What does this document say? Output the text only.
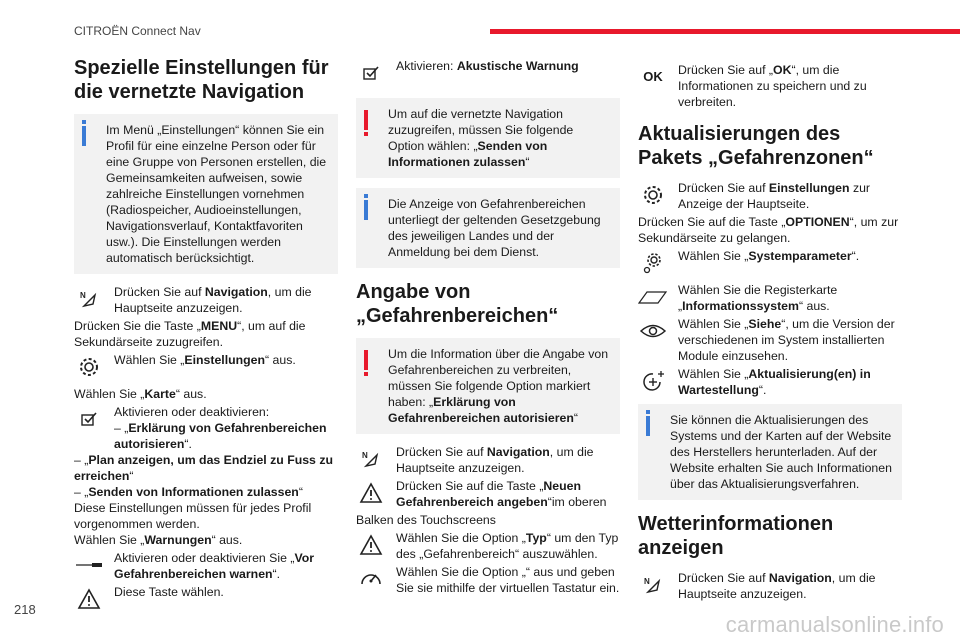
CITROËN Connect Nav
Spezielle Einstellungen für die vernetzte Navigation

Im Menü „Einstellungen“ können Sie ein Profil für eine einzelne Person oder für eine Gruppe von Personen erstellen, die Gemeinsamkeiten aufweisen, sowie zahlreiche Einstellungen vornehmen (Radiospeicher, Audioeinstellungen, Navigationsverlauf, Kontaktfavoriten usw.). Die Einstellungen werden automatisch berücksichtigt.

N Drücken Sie auf Navigation, um die Hauptseite anzuzeigen.

Drücken Sie die Taste „MENU“, um auf die Sekundärseite zuzugreifen.

Wählen Sie „Einstellungen“ aus.

Wählen Sie „Karte“ aus.

Aktivieren oder deaktivieren:

– „Erklärung von Gefahrenbereichen autorisieren“.

– „Plan anzeigen, um das Endziel zu Fuss zu erreichen“

– „Senden von Informationen zulassen“

Diese Einstellungen müssen für jedes Profil vorgenommen werden.

Wählen Sie „Warnungen“ aus.

Aktivieren oder deaktivieren Sie „Vor Gefahrenbereichen warnen“.
Diese Taste wählen.
Aktivieren: Akustische Warnung

Um auf die vernetzte Navigation zuzugreifen, müssen Sie folgende Option wählen: „Senden von Informationen zulassen“

Die Anzeige von Gefahrenbereichen unterliegt der geltenden Gesetzgebung des jeweiligen Landes und der Anmeldung bei dem Dienst.

Angabe von „Gefahrenbereichen“

Um die Information über die Angabe von Gefahrenbereichen zu verbreiten, müssen Sie folgende Option markiert haben: „Erklärung von Gefahrenbereichen autorisieren“

N Drücken Sie auf Navigation, um die Hauptseite anzuzeigen.
Drücken Sie auf die Taste „Neuen Gefahrenbereich angeben“im oberen

Balken des Touchscreens

Wählen Sie die Option „Typ“ um den Typ des „Gefahrenbereich“ auszuwählen.
Wählen Sie die Option „“ aus und geben Sie sie mithilfe der virtuellen Tastatur ein.
OK	Drücken Sie auf „OK“, um die Informationen zu speichern und zu verbreiten.
Aktualisierungen des Pakets „Gefahrenzonen“
Drücken Sie auf Einstellungen zur Anzeige der Hauptseite.

Drücken Sie auf die Taste „OPTIONEN“, um zur Sekundärseite zu gelangen.

Wählen Sie „Systemparameter“.
Wählen Sie die Registerkarte „Informationssystem“ aus.
Wählen Sie „Siehe“, um die Version der verschiedenen im System installierten Module einzusehen.
Wählen Sie „Aktualisierung(en) in Wartestellung“.

Sie können die Aktualisierungen des Systems und der Karten auf der Website des Herstellers herunterladen. Auf der Website erhalten Sie auch Informationen über das Aktualisierungsverfahren.

Wetterinformationen anzeigen
N Drücken Sie auf Navigation, um die Hauptseite anzuzeigen.
218
carmanualsonline.info
